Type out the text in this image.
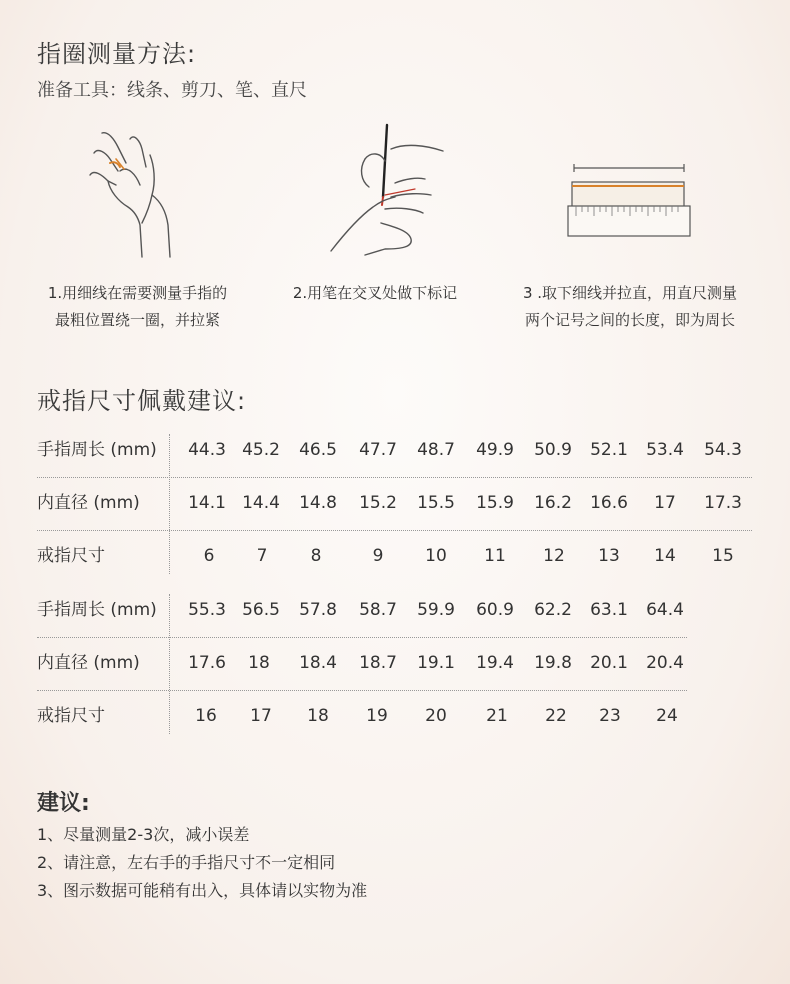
指圈测量方法:
准备工具：线条、剪刀、笔、直尺
1.用细线在需要测量手指的
最粗位置绕一圈，并拉紧
2.用笔在交叉处做下标记	3 .取下细线并拉直，用直尺测量
两个记号之间的长度，即为周长
戒指尺寸佩戴建议:
手指周长 (mm)	44.3 45.2	46.5	47.7	48.7	49.9	50.9	52.1	53.4	54.3
内直径 (mm)	14.1 14.4	14.8	15.2	15.5	15.9	16.2	16.6	17	17.3
戒指尺寸	6	7	8	9	10	11	12	13	14	15
手指周长 (mm)	55.3 56.5	57.8	58.7	59.9	60.9	62.2	63.1	64.4
内直径 (mm)	17.6	18	18.4	18.7	19.1	19.4	19.8	20.1	20.4
戒指尺寸	16	17	18	19	20	21	22	23	24
建议:
1、尽量测量2-3次，减小误差
2、请注意，左右手的手指尺寸不一定相同
3、图示数据可能稍有出入，具体请以实物为准
